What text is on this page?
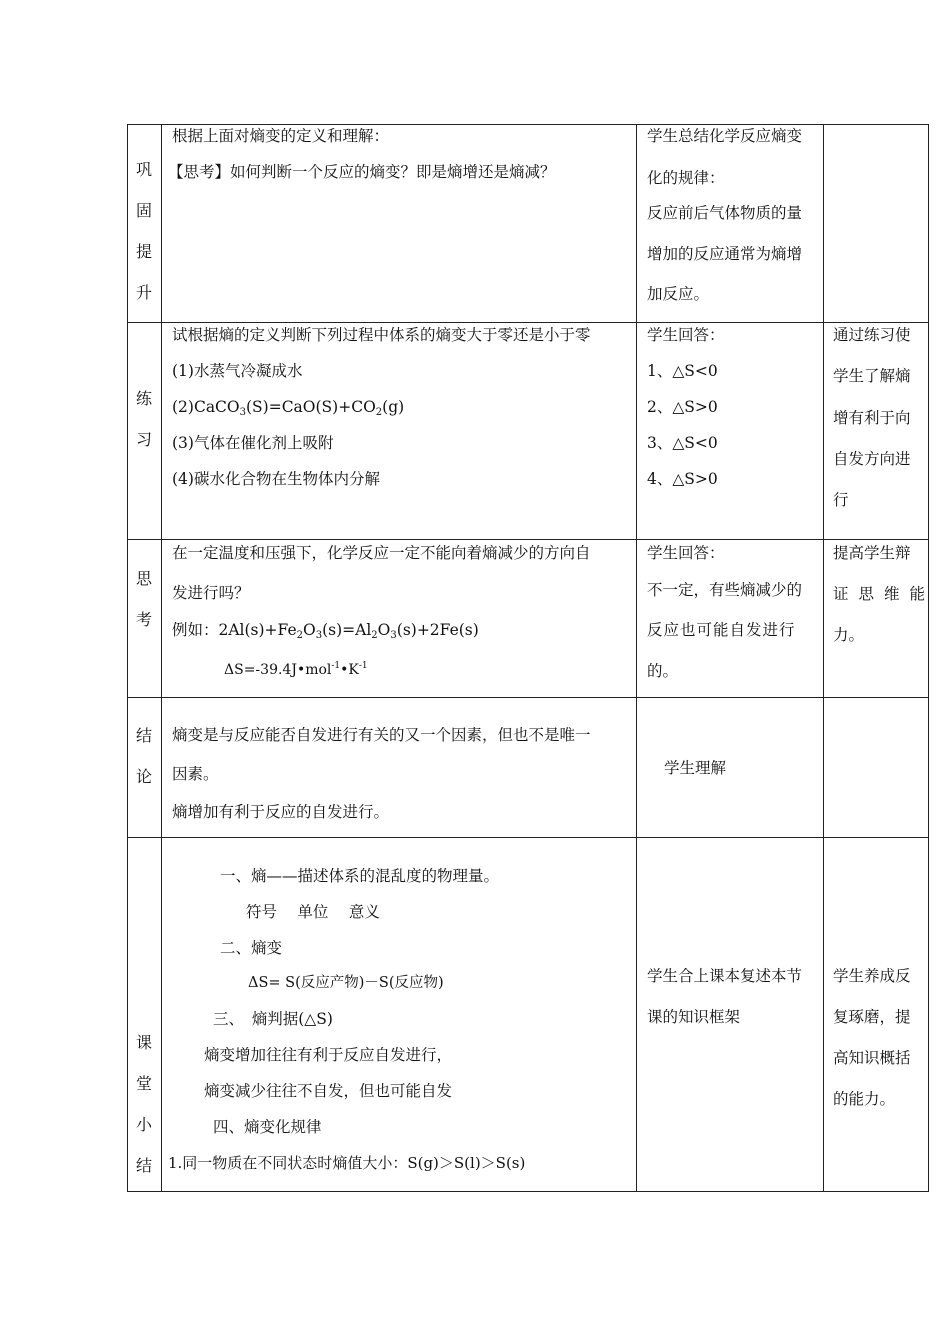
巩
固
提
升
根据上面对熵变的定义和理解：
【思考】如何判断一个反应的熵变？即是熵增还是熵减？
学生总结化学反应熵变
化的规律：
反应前后气体物质的量
增加的反应通常为熵增
加反应。
练
习
试根据熵的定义判断下列过程中体系的熵变大于零还是小于零
(1)水蒸气冷凝成水
$(2)CaCO_3(S)=CaO(S)+CO_2(g)$
(3)气体在催化剂上吸附
(4)碳水化合物在生物体内分解
学生回答：
1、△S<0
2、△S>0
3、△S<0
4、△S>0
通过练习使
学生了解熵
增有利于向
自发方向进
行
思
考
在一定温度和压强下，化学反应一定不能向着熵减少的方向自
发进行吗？
例如：$2Al(s)+Fe_2O_3(s)=Al_2O_3(s)+2Fe(s)$
$\Delta S=-39.4J•mol^{-1}•K^{-1}$
学生回答：
不一定，有些熵减少的
反应也可能自发进行
的。
提高学生辩
证思维能
力。
结
论
熵变是与反应能否自发进行有关的又一个因素，但也不是唯一
因素。
熵增加有利于反应的自发进行。
学生理解
课
堂
小
结
一、熵——描述体系的混乱度的物理量。
符号　 单位 　意义
二、熵变
ΔS= S(反应产物)－S(反应物)
三、　熵判据(△S)
熵变增加往往有利于反应自发进行，
熵变减少往往不自发，但也可能自发
四、熵变化规律
1.同一物质在不同状态时熵值大小：S(g)＞S(l)＞S(s)
学生合上课本复述本节
课的知识框架
学生养成反
复琢磨，提
高知识概括
的能力。
